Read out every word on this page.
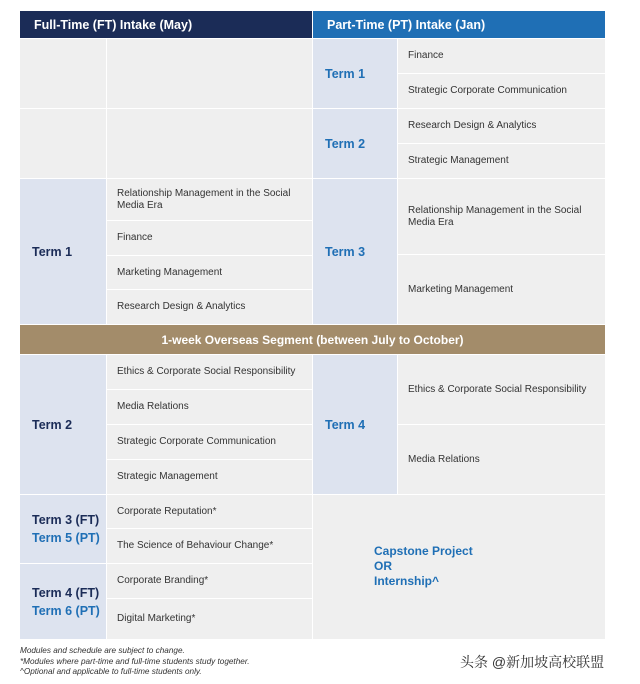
Full-Time (FT) Intake (May)	Part-Time (PT) Intake (Jan)
Term 1
Finance
Strategic Corporate Communication
Term 2
Research Design & Analytics
Strategic Management
Term 1
Relationship Management in the Social Media Era
Finance
Marketing Management
Research Design & Analytics
Term 3
Relationship Management in the Social Media Era
Marketing Management
1-week Overseas Segment (between July to October)
Term 2
Ethics & Corporate Social Responsibility
Media Relations
Strategic Corporate Communication
Strategic Management
Term 4
Ethics & Corporate Social Responsibility
Media Relations
Term 3 (FT)
Term 5 (PT)
Corporate Reputation*
The Science of Behaviour Change*
Term 4 (FT)
Term 6 (PT)
Corporate Branding*
Digital Marketing*
Capstone Project
OR
Internship^
Modules and schedule are subject to change.
*Modules where part-time and full-time students study together.
^Optional and applicable to full-time students only.
头条 @新加坡高校联盟
